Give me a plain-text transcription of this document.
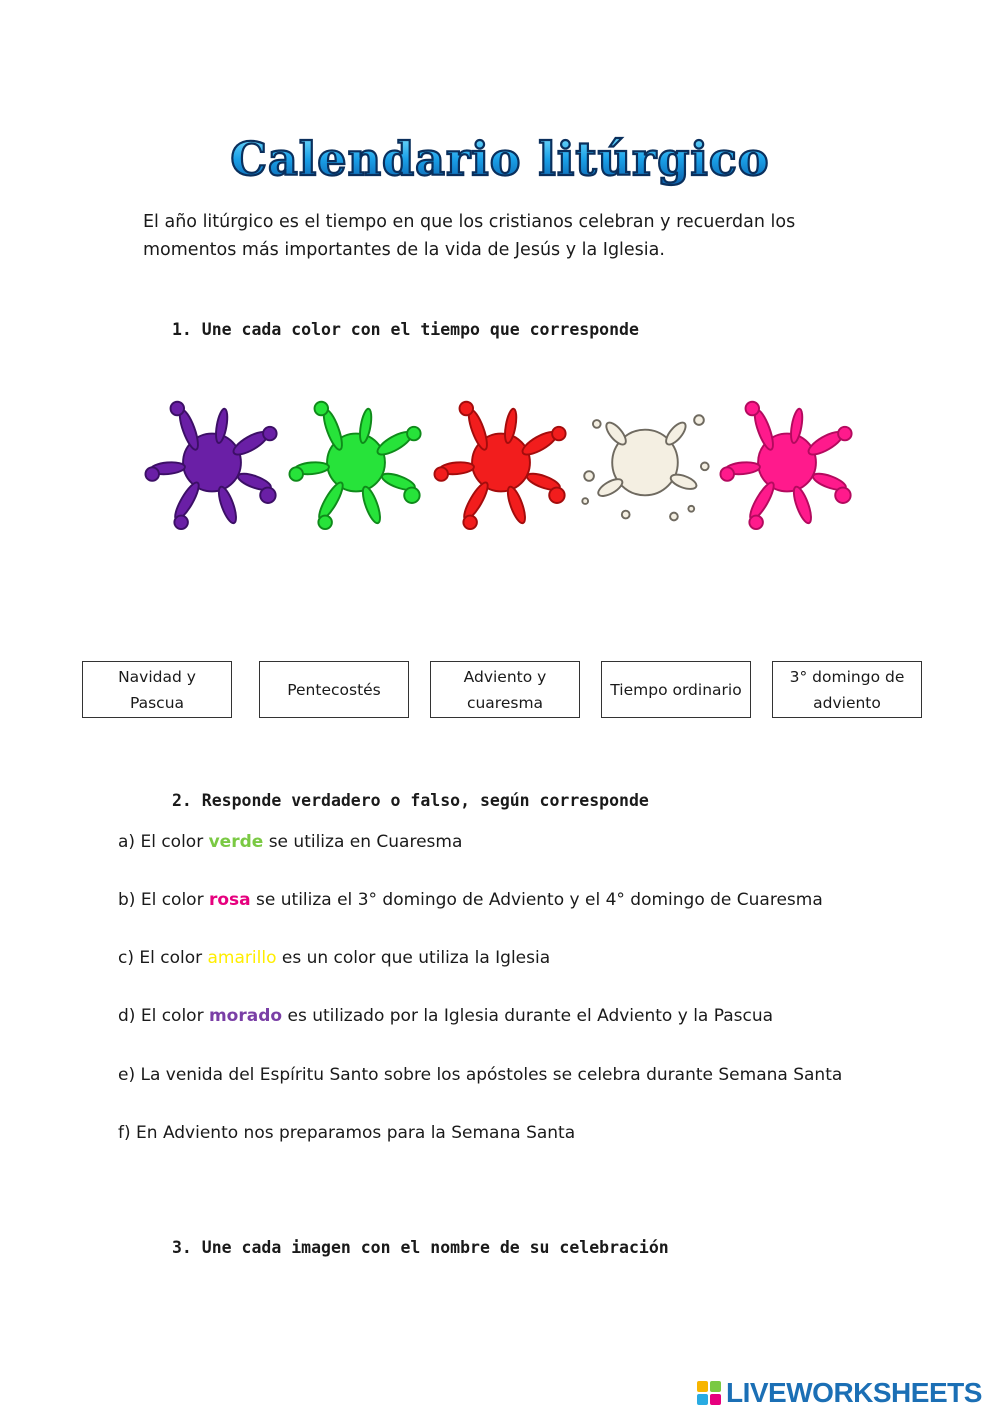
Calendario litúrgico

El año litúrgico es el tiempo en que los cristianos celebran y recuerdan los momentos más importantes de la vida de Jesús y la Iglesia.

1. Une cada color con el tiempo que corresponde

Navidad y Pascua
Pentecostés
Adviento y cuaresma
Tiempo ordinario
3° domingo de adviento

2. Responde verdadero o falso, según corresponde

a) El color verde se utiliza en Cuaresma

b) El color rosa se utiliza el 3° domingo de Adviento y el 4° domingo de Cuaresma

c) El color amarillo es un color que utiliza la Iglesia

d) El color morado es utilizado por la Iglesia durante el Adviento y la Pascua

e) La venida del Espíritu Santo sobre los apóstoles se celebra durante Semana Santa

f) En Adviento nos preparamos para la Semana Santa

3. Une cada imagen con el nombre de su celebración

LIVEWORKSHEETS
